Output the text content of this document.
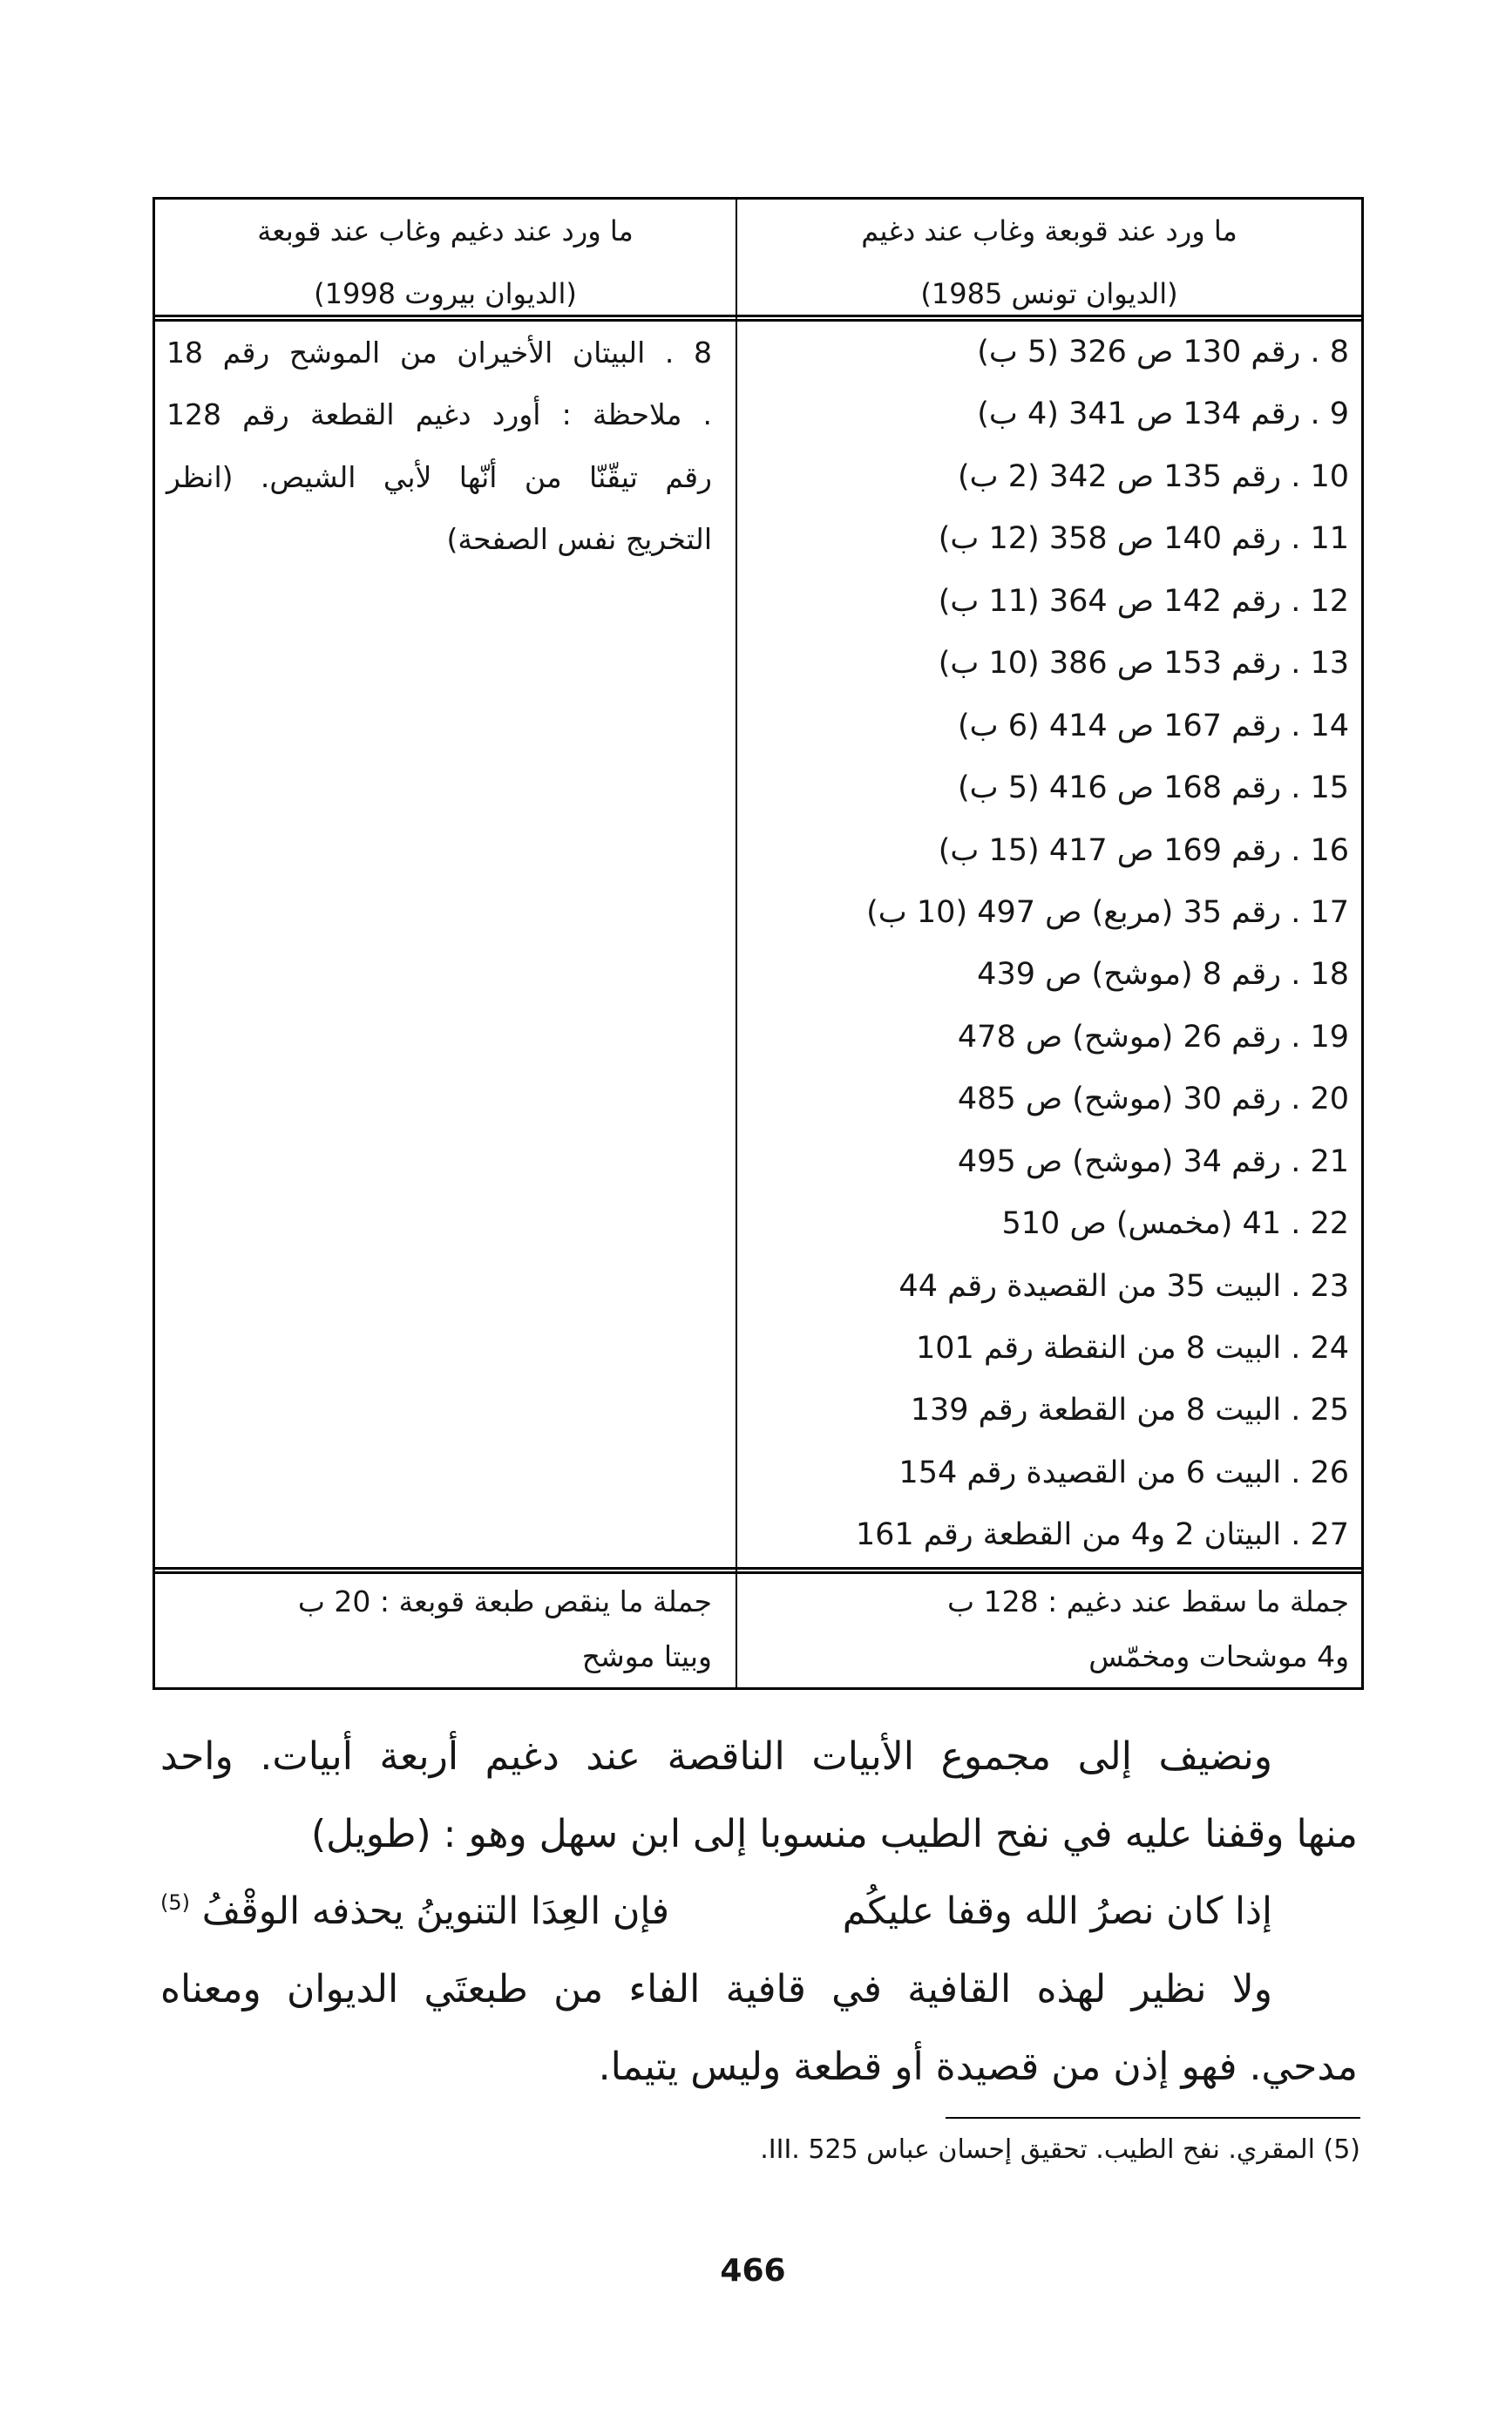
ما ورد عند قوبعة وغاب عند دغيم
(الديوان تونس 1985)
ما ورد عند دغيم وغاب عند قوبعة
(الديوان بيروت 1998)
8 . رقم 130 ص 326 (5 ب)
9 . رقم 134 ص 341 (4 ب)
10 . رقم 135 ص 342 (2 ب)
11 . رقم 140 ص 358 (12 ب)
12 . رقم 142 ص 364 (11 ب)
13 . رقم 153 ص 386 (10 ب)
14 . رقم 167 ص 414 (6 ب)
15 . رقم 168 ص 416 (5 ب)
16 . رقم 169 ص 417 (15 ب)
17 . رقم 35 (مربع) ص 497 (10 ب)
18 . رقم 8 (موشح) ص 439
19 . رقم 26 (موشح) ص 478
20 . رقم 30 (موشح) ص 485
21 . رقم 34 (موشح) ص 495
22 . 41 (مخمس) ص 510
23 . البيت 35 من القصيدة رقم 44
24 . البيت 8 من النقطة رقم 101
25 . البيت 8 من القطعة رقم 139
26 . البيت 6 من القصيدة رقم 154
27 . البيتان 2 و4 من القطعة رقم 161
8 . البيتان الأخيران من الموشح رقم 18
. ملاحظة : أورد دغيم القطعة رقم 128
رقم تيقّنّا من أنّها لأبي الشيص. (انظر
التخريج نفس الصفحة)
جملة ما سقط عند دغيم : 128 ب
و4 موشحات ومخمّس
جملة ما ينقص طبعة قوبعة : 20 ب
وبيتا موشح
ونضيف إلى مجموع الأبيات الناقصة عند دغيم أربعة أبيات. واحد
منها وقفنا عليه في نفح الطيب منسوبا إلى ابن سهل وهو : (طويل)
إذا كان نصرُ الله وقفا عليكُم
فإن العِدَا التنوينُ يحذفه الوقْفُ $^{(5)}$
ولا نظير لهذه القافية في قافية الفاء من طبعتَي الديوان ومعناه
مدحي. فهو إذن من قصيدة أو قطعة وليس يتيما.
(5) المقري. نفح الطيب. تحقيق إحسان عباس III. 525.
466
